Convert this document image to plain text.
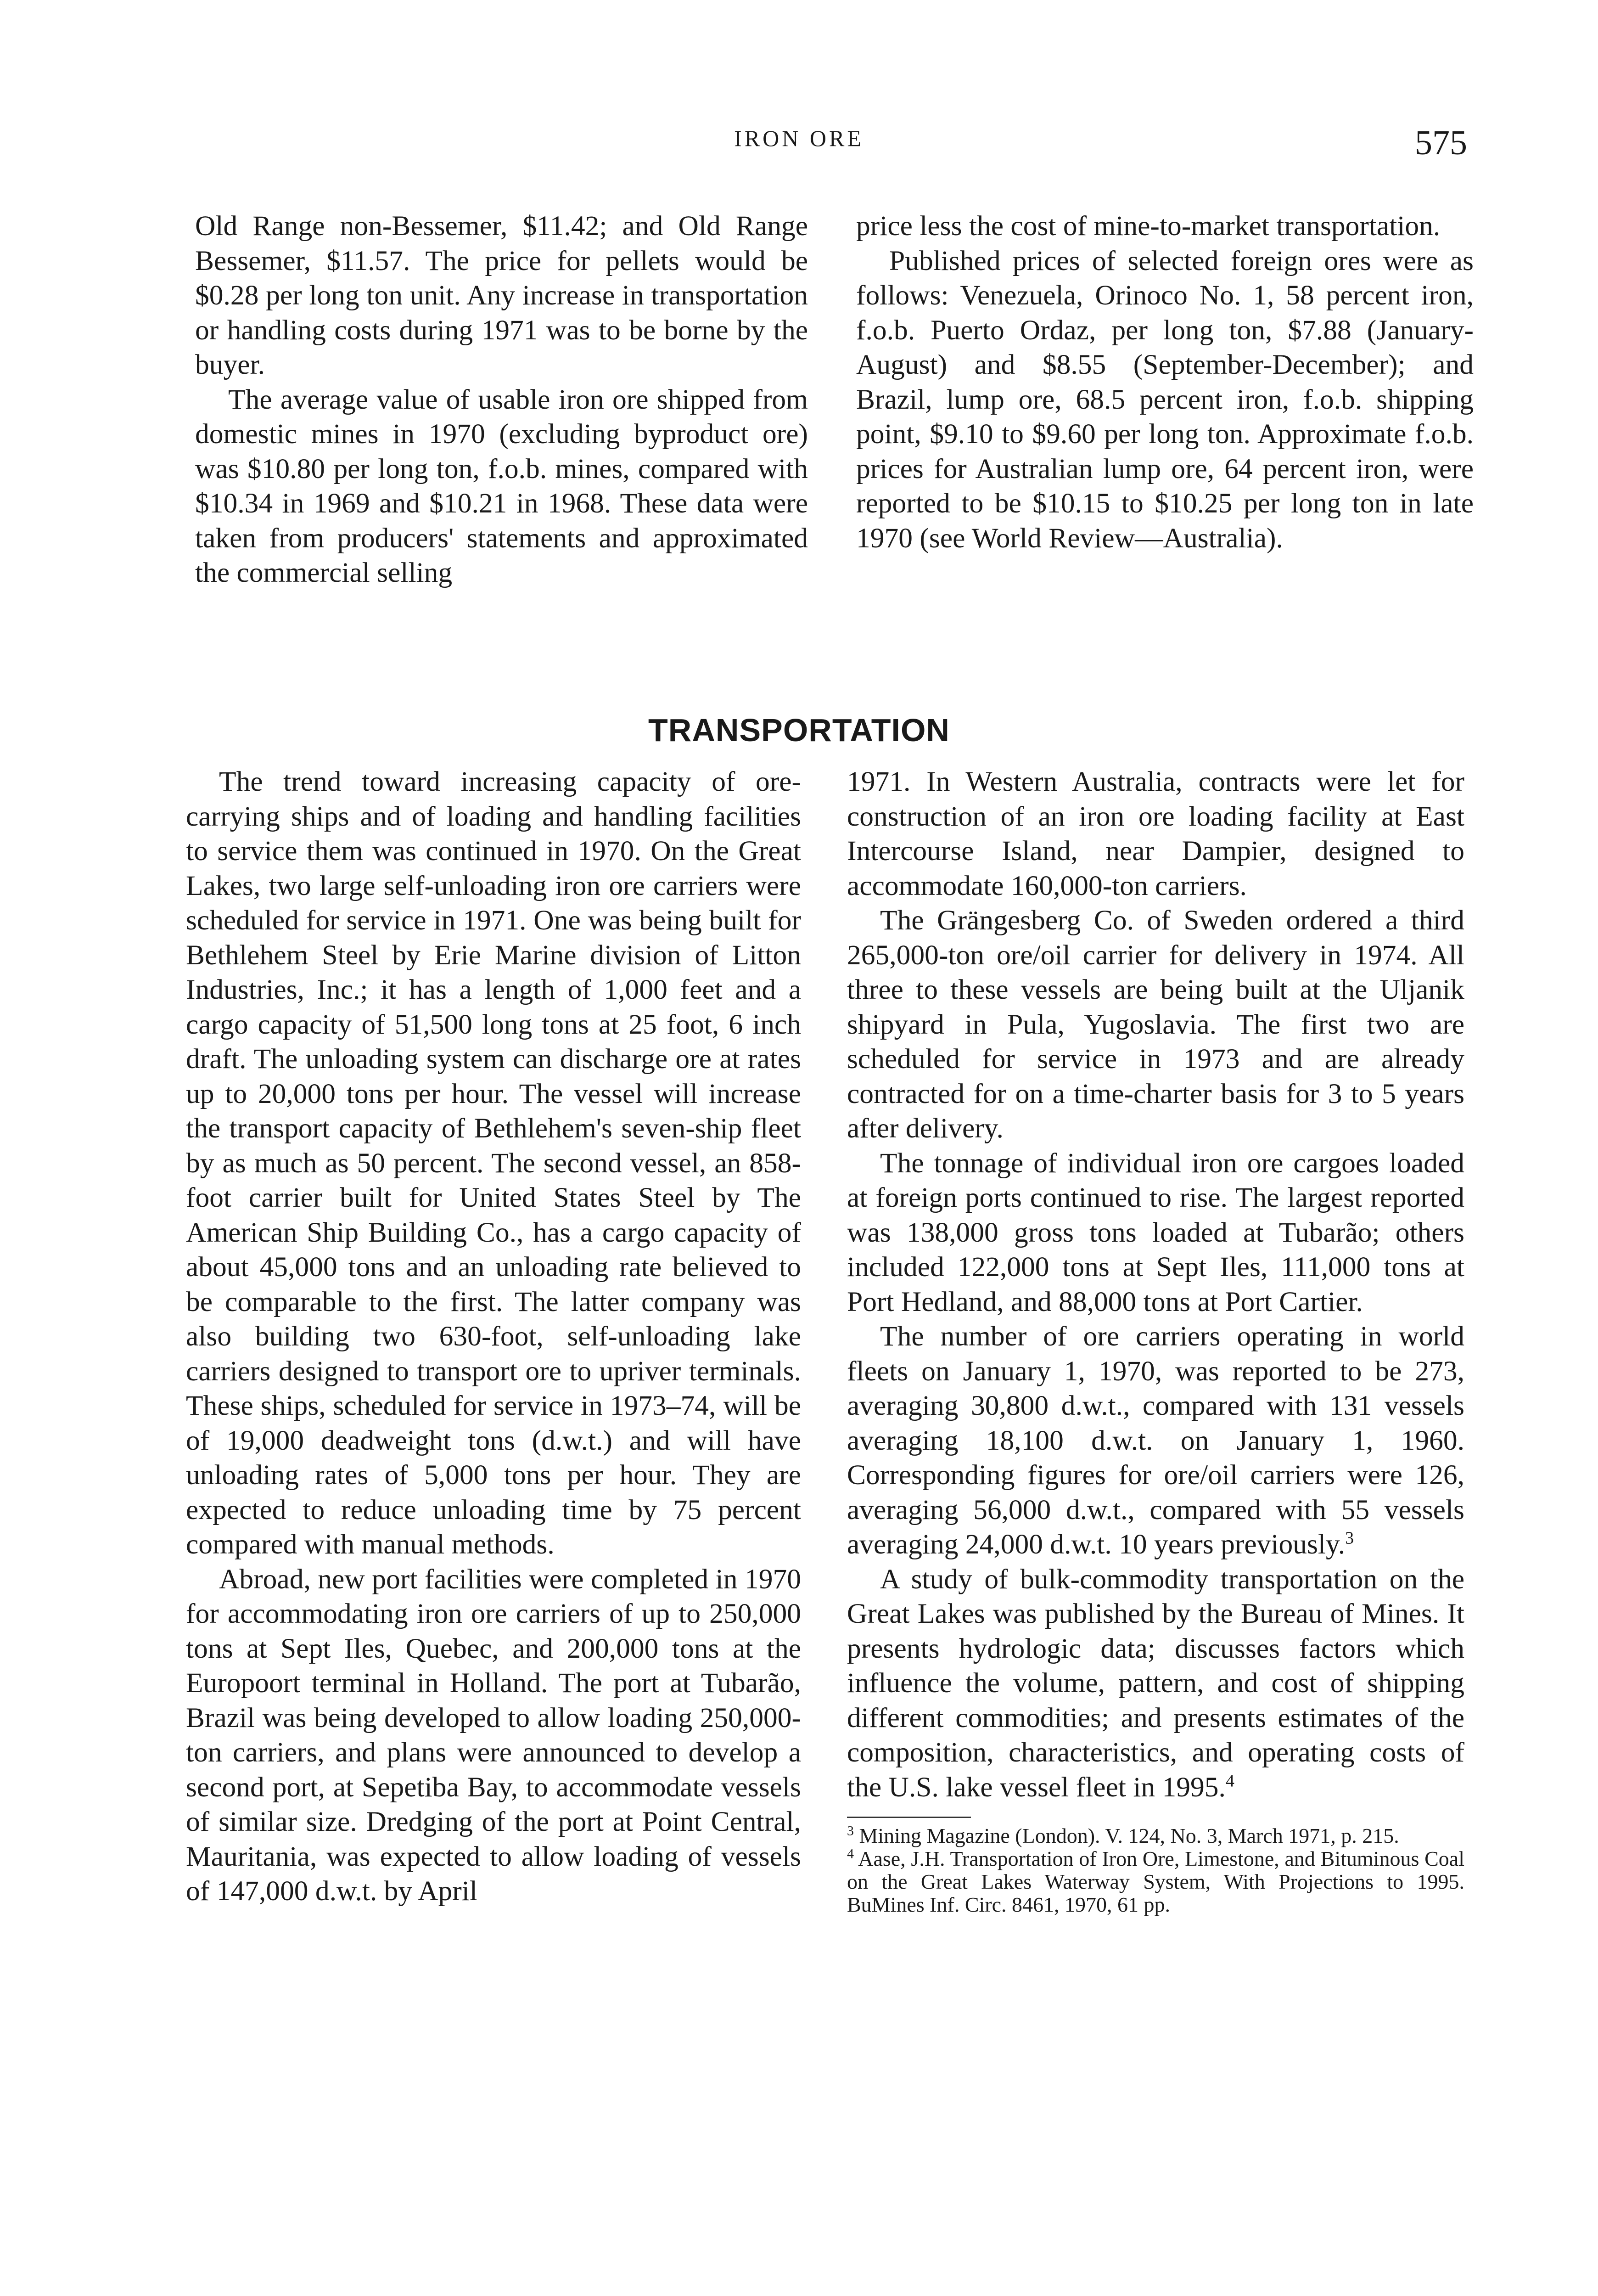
IRON ORE	575

Old Range non-Bessemer, $11.42; and Old Range Bessemer, $11.57. The price for pellets would be $0.28 per long ton unit. Any increase in transportation or handling costs during 1971 was to be borne by the buyer.

The average value of usable iron ore shipped from domestic mines in 1970 (excluding byproduct ore) was $10.80 per long ton, f.o.b. mines, compared with $10.34 in 1969 and $10.21 in 1968. These data were taken from producers' statements and approximated the commercial selling

price less the cost of mine-to-market transportation.

Published prices of selected foreign ores were as follows: Venezuela, Orinoco No. 1, 58 percent iron, f.o.b. Puerto Ordaz, per long ton, $7.88 (January-August) and $8.55 (September-December); and Brazil, lump ore, 68.5 percent iron, f.o.b. shipping point, $9.10 to $9.60 per long ton. Approximate f.o.b. prices for Australian lump ore, 64 percent iron, were reported to be $10.15 to $10.25 per long ton in late 1970 (see World Review—Australia).

TRANSPORTATION

The trend toward increasing capacity of ore-carrying ships and of loading and handling facilities to service them was continued in 1970. On the Great Lakes, two large self-unloading iron ore carriers were scheduled for service in 1971. One was being built for Bethlehem Steel by Erie Marine division of Litton Industries, Inc.; it has a length of 1,000 feet and a cargo capacity of 51,500 long tons at 25 foot, 6 inch draft. The unloading system can discharge ore at rates up to 20,000 tons per hour. The vessel will increase the transport capacity of Bethlehem's seven-ship fleet by as much as 50 percent. The second vessel, an 858-foot carrier built for United States Steel by The American Ship Building Co., has a cargo capacity of about 45,000 tons and an unloading rate believed to be comparable to the first. The latter company was also building two 630-foot, self-unloading lake carriers designed to transport ore to upriver terminals. These ships, scheduled for service in 1973–74, will be of 19,000 deadweight tons (d.w.t.) and will have unloading rates of 5,000 tons per hour. They are expected to reduce unloading time by 75 percent compared with manual methods.

Abroad, new port facilities were completed in 1970 for accommodating iron ore carriers of up to 250,000 tons at Sept Iles, Quebec, and 200,000 tons at the Europoort terminal in Holland. The port at Tubarão, Brazil was being developed to allow loading 250,000-ton carriers, and plans were announced to develop a second port, at Sepetiba Bay, to accommodate vessels of similar size. Dredging of the port at Point Central, Mauritania, was expected to allow loading of vessels of 147,000 d.w.t. by April

1971. In Western Australia, contracts were let for construction of an iron ore loading facility at East Intercourse Island, near Dampier, designed to accommodate 160,000-ton carriers.

The Grängesberg Co. of Sweden ordered a third 265,000-ton ore/oil carrier for delivery in 1974. All three to these vessels are being built at the Uljanik shipyard in Pula, Yugoslavia. The first two are scheduled for service in 1973 and are already contracted for on a time-charter basis for 3 to 5 years after delivery.

The tonnage of individual iron ore cargoes loaded at foreign ports continued to rise. The largest reported was 138,000 gross tons loaded at Tubarão; others included 122,000 tons at Sept Iles, 111,000 tons at Port Hedland, and 88,000 tons at Port Cartier.

The number of ore carriers operating in world fleets on January 1, 1970, was reported to be 273, averaging 30,800 d.w.t., compared with 131 vessels averaging 18,100 d.w.t. on January 1, 1960. Corresponding figures for ore/oil carriers were 126, averaging 56,000 d.w.t., compared with 55 vessels averaging 24,000 d.w.t. 10 years previously.$^3$

A study of bulk-commodity transportation on the Great Lakes was published by the Bureau of Mines. It presents hydrologic data; discusses factors which influence the volume, pattern, and cost of shipping different commodities; and presents estimates of the composition, characteristics, and operating costs of the U.S. lake vessel fleet in 1995.$^4$

$^3$ Mining Magazine (London). V. 124, No. 3, March 1971, p. 215.
$^4$ Aase, J.H. Transportation of Iron Ore, Limestone, and Bituminous Coal on the Great Lakes Waterway System, With Projections to 1995. BuMines Inf. Circ. 8461, 1970, 61 pp.
